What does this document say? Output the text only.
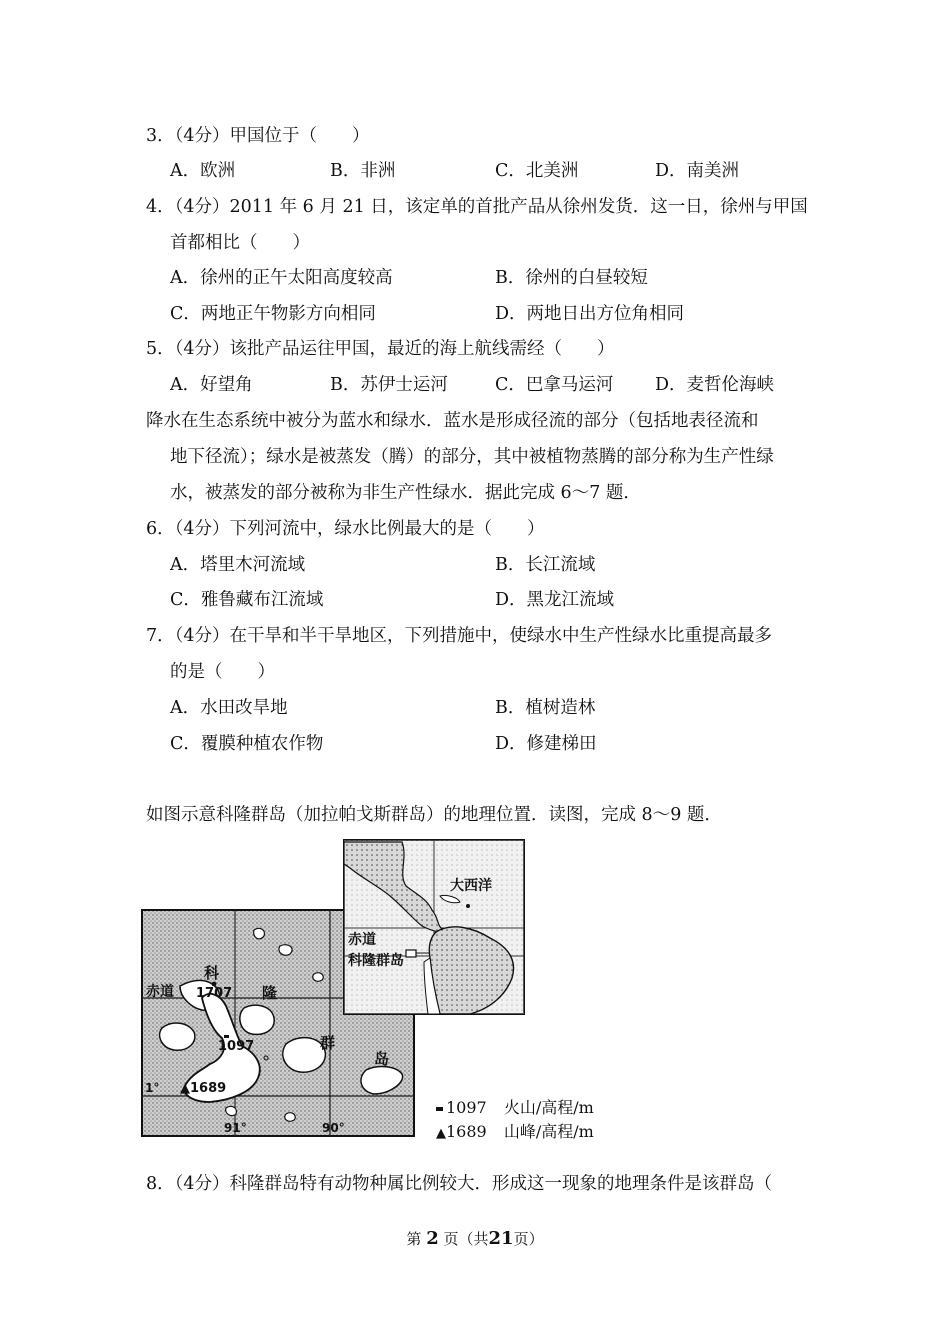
3．（4分）甲国位于（　　）
A．欧洲	B．非洲	C．北美洲	D．南美洲
4．（4分）2011 年 6 月 21 日，该定单的首批产品从徐州发货．这一日，徐州与甲国
首都相比（　　）
A．徐州的正午太阳高度较高	B．徐州的白昼较短
C．两地正午物影方向相同	D．两地日出方位角相同
5．（4分）该批产品运往甲国，最近的海上航线需经（　　）
A．好望角	B．苏伊士运河	C．巴拿马运河 D．麦哲伦海峡
降水在生态系统中被分为蓝水和绿水．蓝水是形成径流的部分（包括地表径流和
地下径流）；绿水是被蒸发（腾）的部分，其中被植物蒸腾的部分称为生产性绿
水，被蒸发的部分被称为非生产性绿水．据此完成 6～7 题．
6．（4分）下列河流中，绿水比例最大的是（　　）
A．塔里木河流域	B．长江流域
C．雅鲁藏布江流域	D．黑龙江流域
7．（4分）在干旱和半干旱地区，下列措施中，使绿水中生产性绿水比重提高最多
的是（　　）
A．水田改旱地	B．植树造林
C．覆膜种植农作物	D．修建梯田
如图示意科隆群岛（加拉帕戈斯群岛）的地理位置．读图，完成 8～9 题．
科
赤道 1707 隆
1097	群
岛
▲1689
1°
91°	90°
大西洋
赤道
科隆群岛
1097 火山/高程/m
▲1689 山峰/高程/m
8．（4分）科隆群岛特有动物种属比例较大．形成这一现象的地理条件是该群岛（
第 2 页（共21页）
